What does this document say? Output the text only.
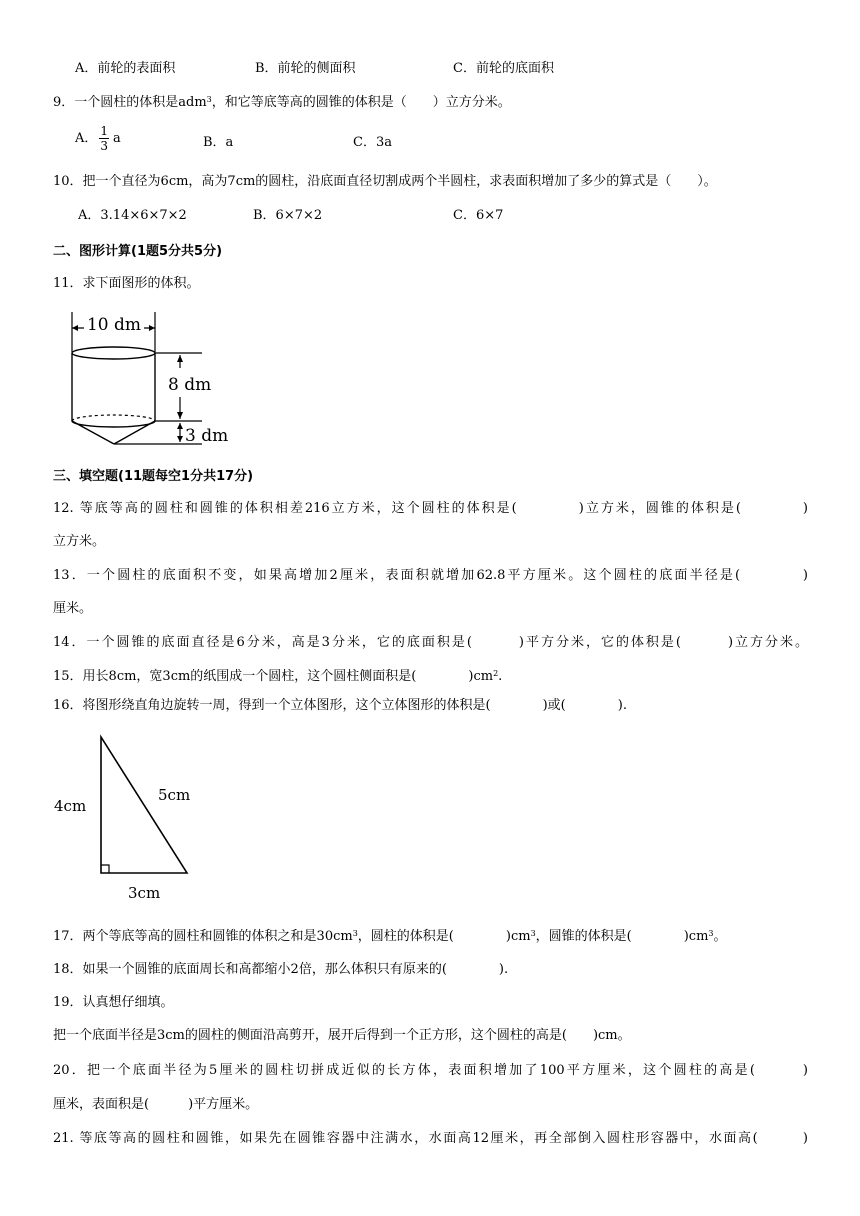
A．前轮的表面积	B．前轮的侧面积	C．前轮的底面积
9．一个圆柱的体积是adm$^3$，和它等底等高的圆锥的体积是（　　）立方分米。
A． $\frac{1}{3}$ a	B．a	C．3a
10．把一个直径为6cm，高为7cm的圆柱，沿底面直径切割成两个半圆柱，求表面积增加了多少的算式是（　　）。
A．3.14×6×7×2	B．6×7×2	C．6×7
二、图形计算(1题5分共5分)
11．求下面图形的体积。
10 dm
8 dm
3 dm
三、填空题(11题每空1分共17分)
12. 等底等高的圆柱和圆锥的体积相差216立方米，这个圆柱的体积是(　　　　)立方米，圆锥的体积是(　　　　)
立方米。
13．一个圆柱的底面积不变，如果高增加2厘米，表面积就增加62.8平方厘米。这个圆柱的底面半径是(　　　　)
厘米。
14．一个圆锥的底面直径是6分米，高是3分米，它的底面积是(　　　)平方分米，它的体积是(　　　)立方分米。
15．用长8cm，宽3cm的纸围成一个圆柱，这个圆柱侧面积是(　　　　)$cm^2$.
16．将图形绕直角边旋转一周，得到一个立体图形，这个立体图形的体积是(　　　　)或(　　　　).
4cm
5cm
3cm
17．两个等底等高的圆柱和圆锥的体积之和是$30cm^3$，圆柱的体积是(　　　　)$cm^3$，圆锥的体积是(　　　　)$cm^3$。
18．如果一个圆锥的底面周长和高都缩小2倍，那么体积只有原来的(　　　　).
19．认真想仔细填。
把一个底面半径是3cm的圆柱的侧面沿高剪开，展开后得到一个正方形，这个圆柱的高是(　　)cm。
20．把一个底面半径为5厘米的圆柱切拼成近似的长方体，表面积增加了100平方厘米，这个圆柱的高是(　　　)
厘米，表面积是(　　　)平方厘米。
21. 等底等高的圆柱和圆锥，如果先在圆锥容器中注满水，水面高12厘米，再全部倒入圆柱形容器中，水面高(　　　)
